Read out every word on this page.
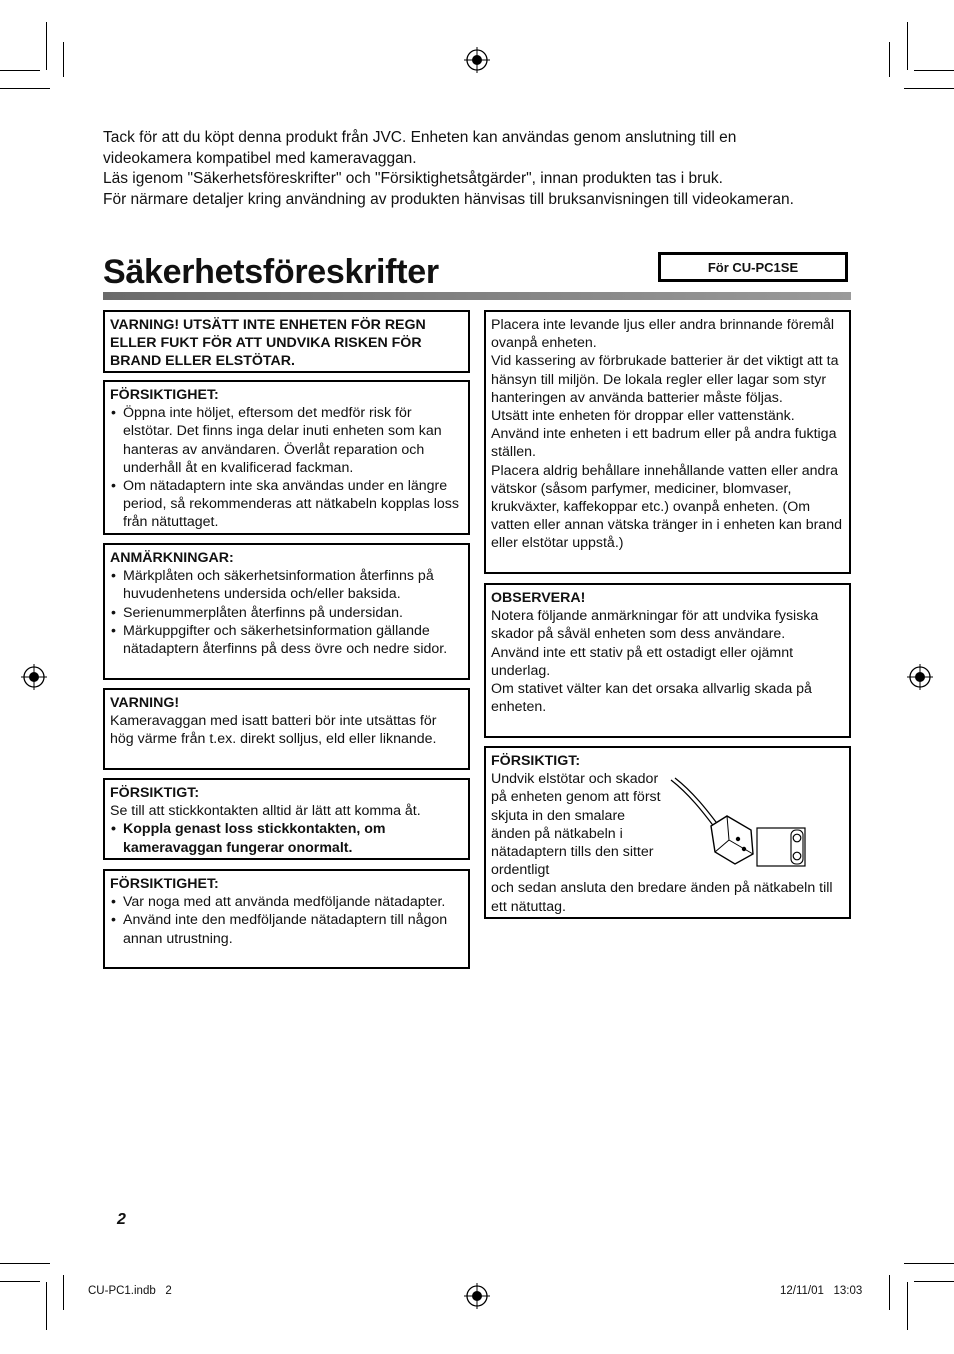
Tack för att du köpt denna produkt från JVC. Enheten kan användas genom anslutning till en videokamera kompatibel med kameravaggan.

Läs igenom "Säkerhetsföreskrifter" och "Försiktighetsåtgärder", innan produkten tas i bruk.

För närmare detaljer kring användning av produkten hänvisas till bruksanvisningen till videokameran.

Säkerhetsföreskrifter	För CU-PC1SE

VARNING! UTSÄTT INTE ENHETEN FÖR REGN ELLER FUKT FÖR ATT UNDVIKA RISKEN FÖR BRAND ELLER ELSTÖTAR.

FÖRSIKTIGHET:

• Öppna inte höljet, eftersom det medför risk för elstötar. Det finns inga delar inuti enheten som kan hanteras av användaren. Överlåt reparation och underhåll åt en kvalificerad fackman.
• Om nätadaptern inte ska användas under en längre period, så rekommenderas att nätkabeln kopplas loss från nätuttaget.

ANMÄRKNINGAR:

• Märkplåten och säkerhetsinformation återfinns på huvudenhetens undersida och/eller baksida.
• Serienummerplåten återfinns på undersidan.
• Märkuppgifter och säkerhetsinformation gällande nätadaptern återfinns på dess övre och nedre sidor.

VARNING!

Kameravaggan med isatt batteri bör inte utsättas för hög värme från t.ex. direkt solljus, eld eller liknande.

FÖRSIKTIGT:

Se till att stickkontakten alltid är lätt att komma åt.

• Koppla genast loss stickkontakten, om kameravaggan fungerar onormalt.

FÖRSIKTIGHET:

• Var noga med att använda medföljande nätadapter.
• Använd inte den medföljande nätadaptern till någon annan utrustning.

Placera inte levande ljus eller andra brinnande föremål ovanpå enheten.

Vid kassering av förbrukade batterier är det viktigt att ta hänsyn till miljön. De lokala regler eller lagar som styr hanteringen av använda batterier måste följas.

Utsätt inte enheten för droppar eller vattenstänk.

Använd inte enheten i ett badrum eller på andra fuktiga ställen.

Placera aldrig behållare innehållande vatten eller andra vätskor (såsom parfymer, mediciner, blomvaser, krukväxter, kaffekoppar etc.) ovanpå enheten. (Om vatten eller annan vätska tränger in i enheten kan brand eller elstötar uppstå.)

OBSERVERA!

Notera följande anmärkningar för att undvika fysiska skador på såväl enheten som dess användare.

Använd inte ett stativ på ett ostadigt eller ojämnt underlag.

Om stativet välter kan det orsaka allvarlig skada på enheten.

FÖRSIKTIGT:

Undvik elstötar och skador på enheten genom att först skjuta in den smalare änden på nätkabeln i nätadaptern tills den sitter ordentligt

och sedan ansluta den bredare änden på nätkabeln till ett nätuttag.

2
CU-PC1.indb   2	12/11/01   13:03
